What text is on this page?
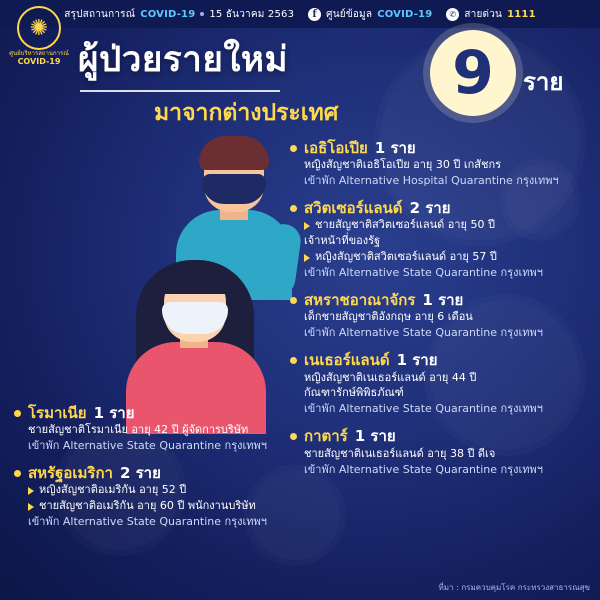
สรุปสถานการณ์ COVID-19 15 ธันวาคม 2563	f ศูนย์ข้อมูล COVID-19	✆ สายด่วน 1111
✺
ศูนย์บริหารสถานการณ์
COVID-19 ผู้ป่วยรายใหม่
มาจากต่างประเทศ
9 ราย
เอธิโอเปีย 1 ราย
หญิงสัญชาติเอธิโอเปีย อายุ 30 ปี เกสัชกร
เข้าพัก Alternative Hospital Quarantine กรุงเทพฯ
สวิตเซอร์แลนด์ 2 ราย
ชายสัญชาติสวิตเซอร์แลนด์ อายุ 50 ปี
เจ้าหน้าที่ของรัฐ
หญิงสัญชาติสวิตเซอร์แลนด์ อายุ 57 ปี
เข้าพัก Alternative State Quarantine กรุงเทพฯ
สหราชอาณาจักร 1 ราย
เด็กชายสัญชาติอังกฤษ อายุ 6 เดือน
เข้าพัก Alternative State Quarantine กรุงเทพฯ
เนเธอร์แลนด์ 1 ราย
หญิงสัญชาติเนเธอร์แลนด์ อายุ 44 ปี
กัณฑารักษ์พิพิธภัณฑ์
เข้าพัก Alternative State Quarantine กรุงเทพฯ
กาตาร์ 1 ราย
ชายสัญชาติเนเธอร์แลนด์ อายุ 38 ปี ดีเจ
เข้าพัก Alternative State Quarantine กรุงเทพฯ
โรมาเนีย 1 ราย
ชายสัญชาติโรมาเนีย อายุ 42 ปี ผู้จัดการบริษัท
เข้าพัก Alternative State Quarantine กรุงเทพฯ
สหรัฐอเมริกา 2 ราย
หญิงสัญชาติอเมริกัน อายุ 52 ปี
ชายสัญชาติอเมริกัน อายุ 60 ปี พนักงานบริษัท
เข้าพัก Alternative State Quarantine กรุงเทพฯ
ที่มา : กรมควบคุมโรค กระทรวงสาธารณสุข
